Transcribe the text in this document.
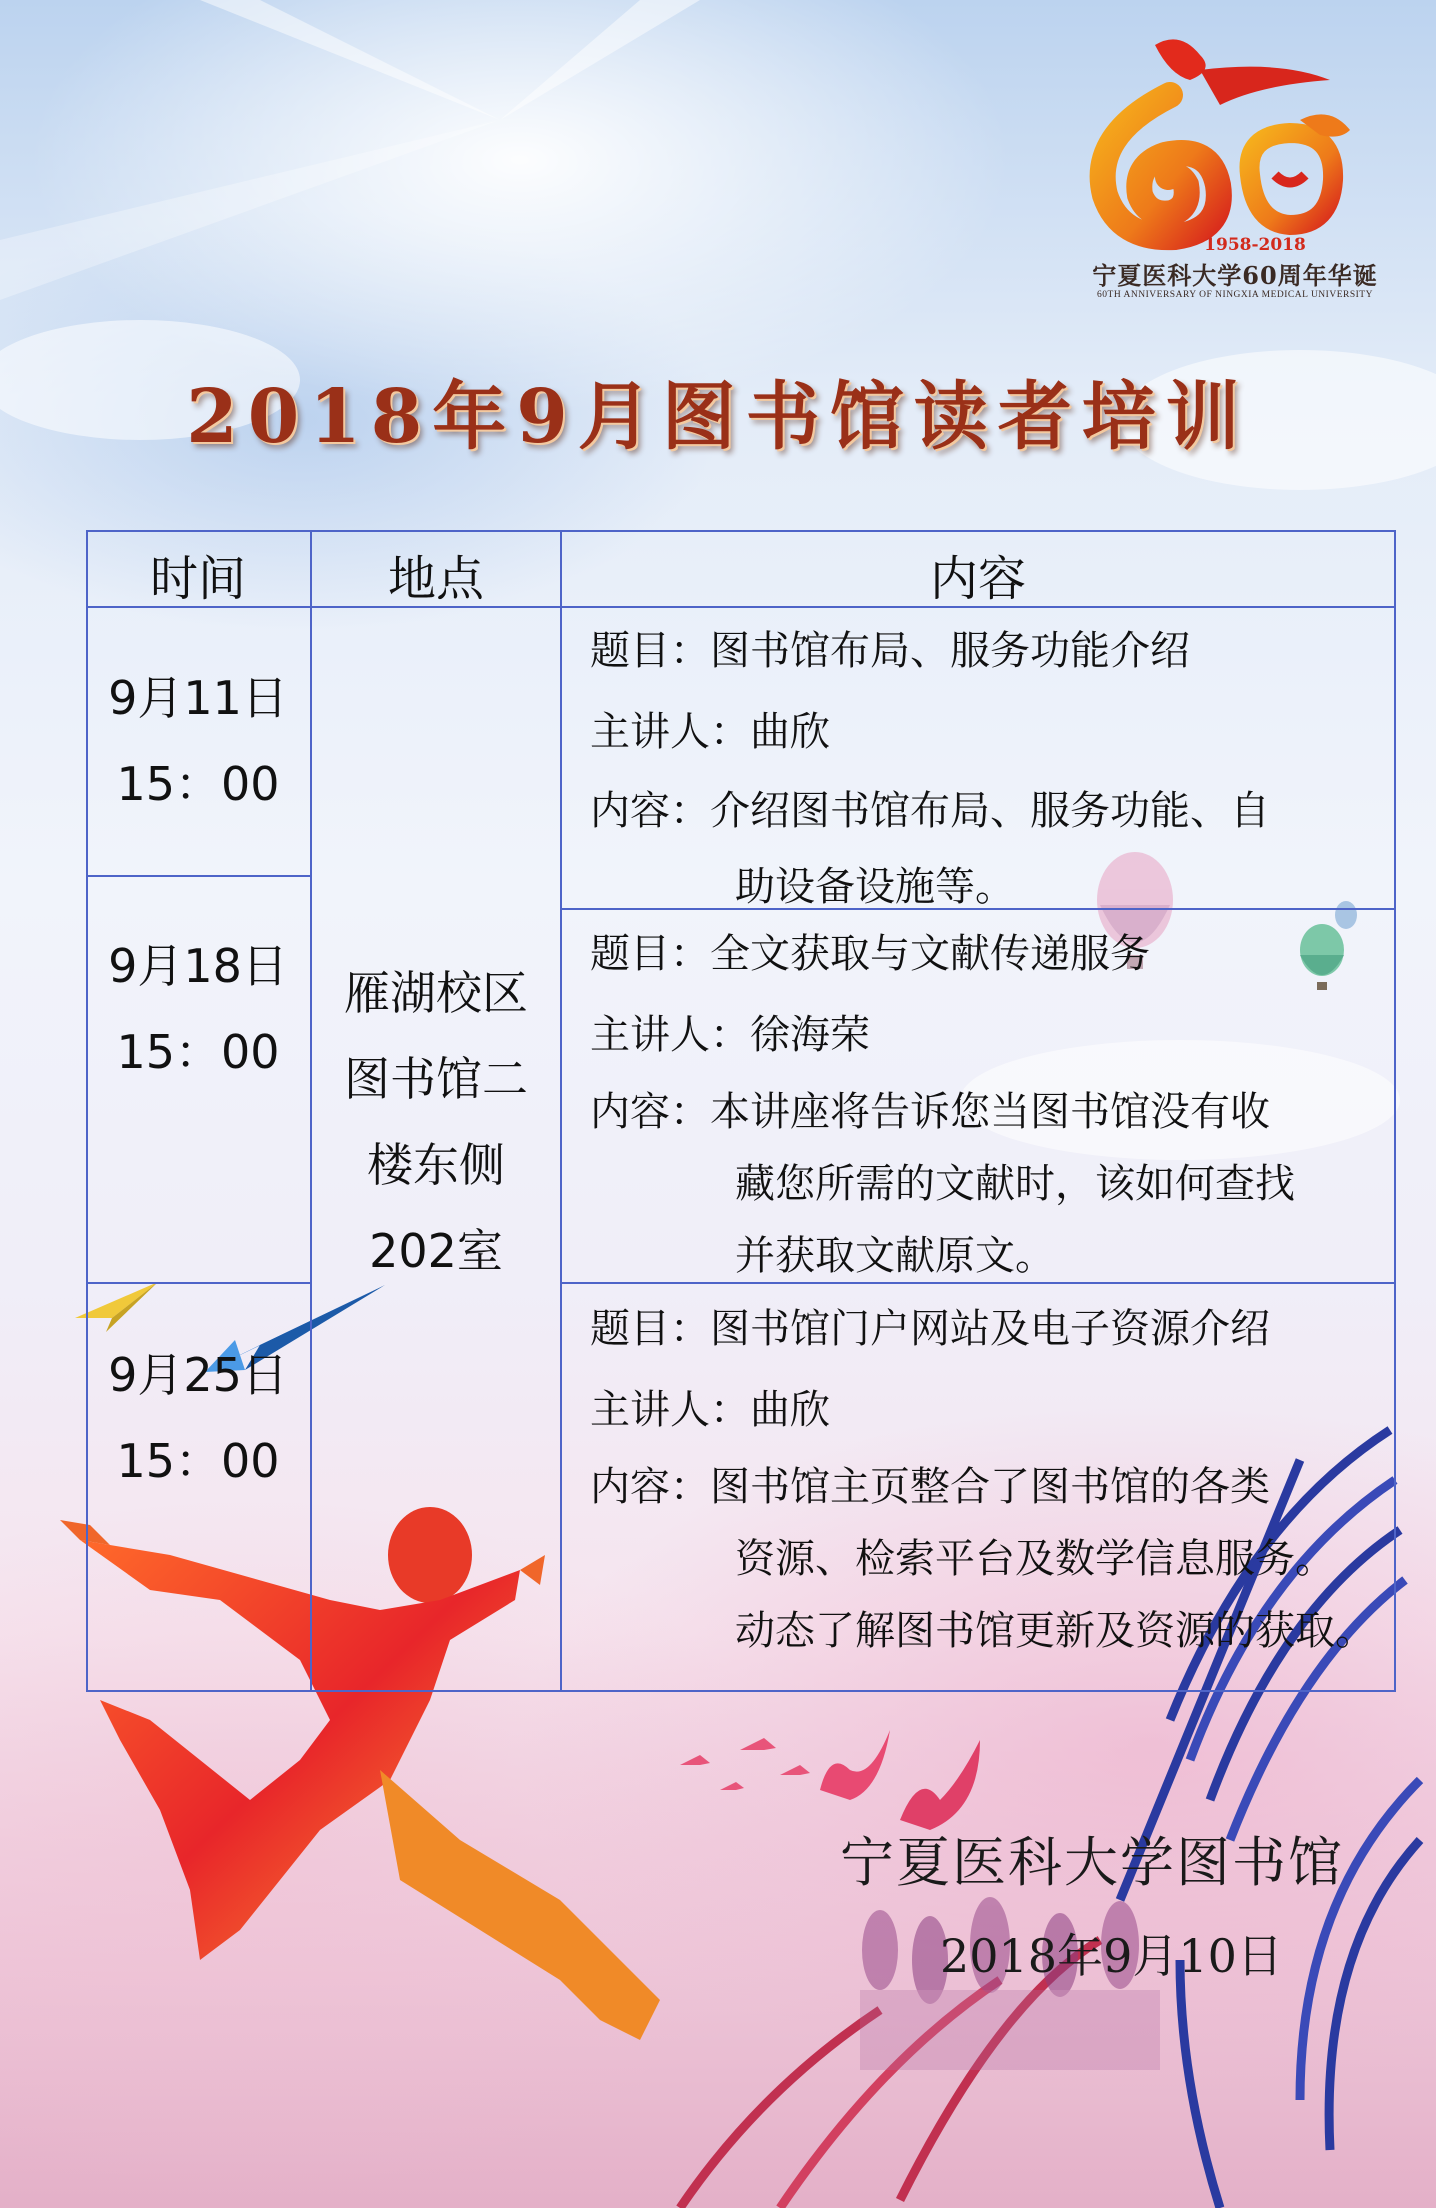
1958-2018
宁夏医科大学60周年华诞
60TH ANNIVERSARY OF NINGXIA MEDICAL UNIVERSITY
2018年9月图书馆读者培训
时间	地点	内容
9月11日
15：00
9月18日
15：00
9月25日
15：00
雁湖校区
图书馆二
楼东侧
202室
题目：图书馆布局、服务功能介绍
主讲人：曲欣
内容：介绍图书馆布局、服务功能、自
助设备设施等。
题目：全文获取与文献传递服务
主讲人：徐海荣
内容：本讲座将告诉您当图书馆没有收
藏您所需的文献时，该如何查找
并获取文献原文。
题目：图书馆门户网站及电子资源介绍
主讲人：曲欣
内容：图书馆主页整合了图书馆的各类
资源、检索平台及数学信息服务。
动态了解图书馆更新及资源的获取。
宁夏医科大学图书馆
2018年9月10日
